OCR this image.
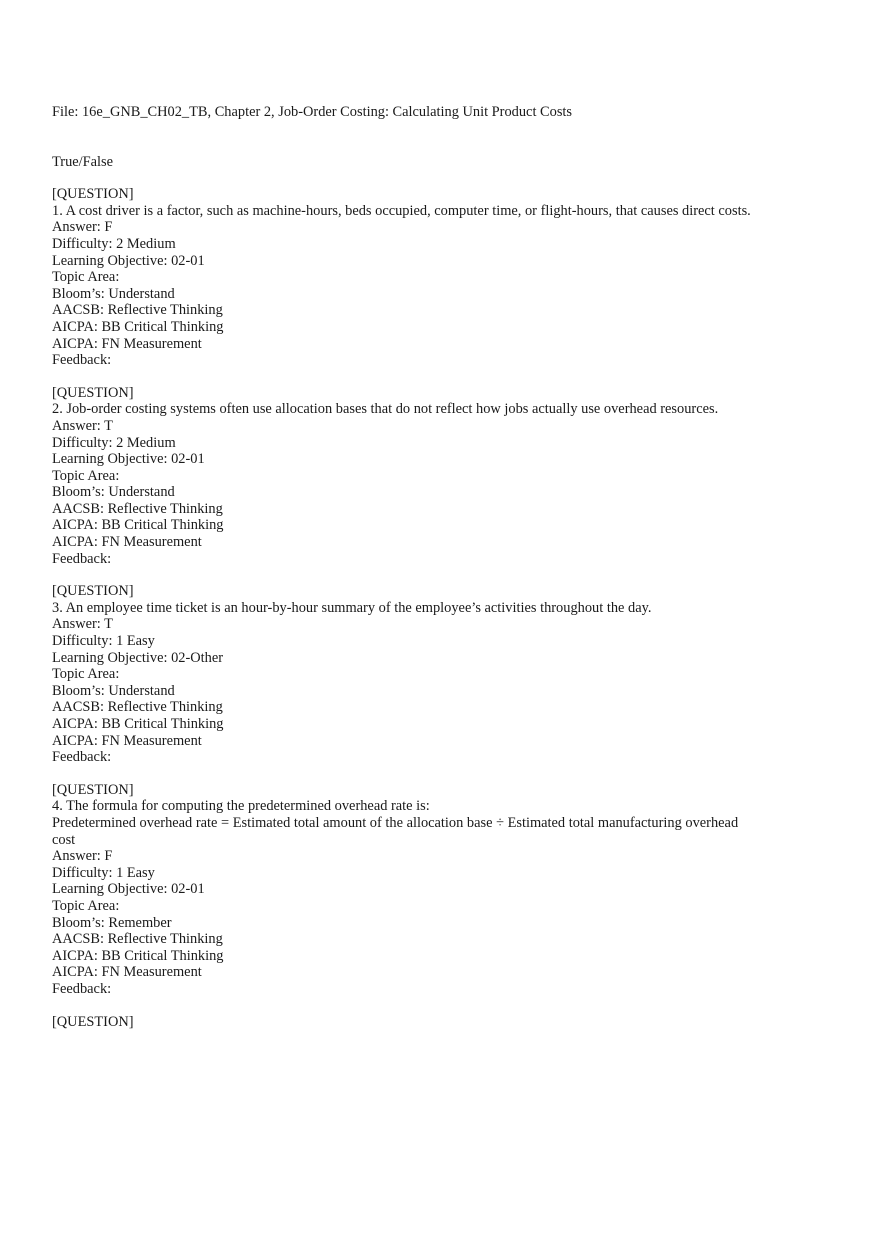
File: 16e_GNB_CH02_TB, Chapter 2, Job-Order Costing: Calculating Unit Product Costs
True/False
[QUESTION]
1. A cost driver is a factor, such as machine-hours, beds occupied, computer time, or flight-hours, that causes direct costs.
Answer: F
Difficulty: 2 Medium
Learning Objective: 02-01
Topic Area:
Bloom’s: Understand
AACSB: Reflective Thinking
AICPA: BB Critical Thinking
AICPA: FN Measurement
Feedback:
[QUESTION]
2. Job-order costing systems often use allocation bases that do not reflect how jobs actually use overhead resources.
Answer: T
Difficulty: 2 Medium
Learning Objective: 02-01
Topic Area:
Bloom’s: Understand
AACSB: Reflective Thinking
AICPA: BB Critical Thinking
AICPA: FN Measurement
Feedback:
[QUESTION]
3. An employee time ticket is an hour-by-hour summary of the employee’s activities throughout the day.
Answer: T
Difficulty: 1 Easy
Learning Objective: 02-Other
Topic Area:
Bloom’s: Understand
AACSB: Reflective Thinking
AICPA: BB Critical Thinking
AICPA: FN Measurement
Feedback:
[QUESTION]
4. The formula for computing the predetermined overhead rate is:
Predetermined overhead rate = Estimated total amount of the allocation base ÷ Estimated total manufacturing overhead
cost
Answer: F
Difficulty: 1 Easy
Learning Objective: 02-01
Topic Area:
Bloom’s: Remember
AACSB: Reflective Thinking
AICPA: BB Critical Thinking
AICPA: FN Measurement
Feedback:
[QUESTION]
